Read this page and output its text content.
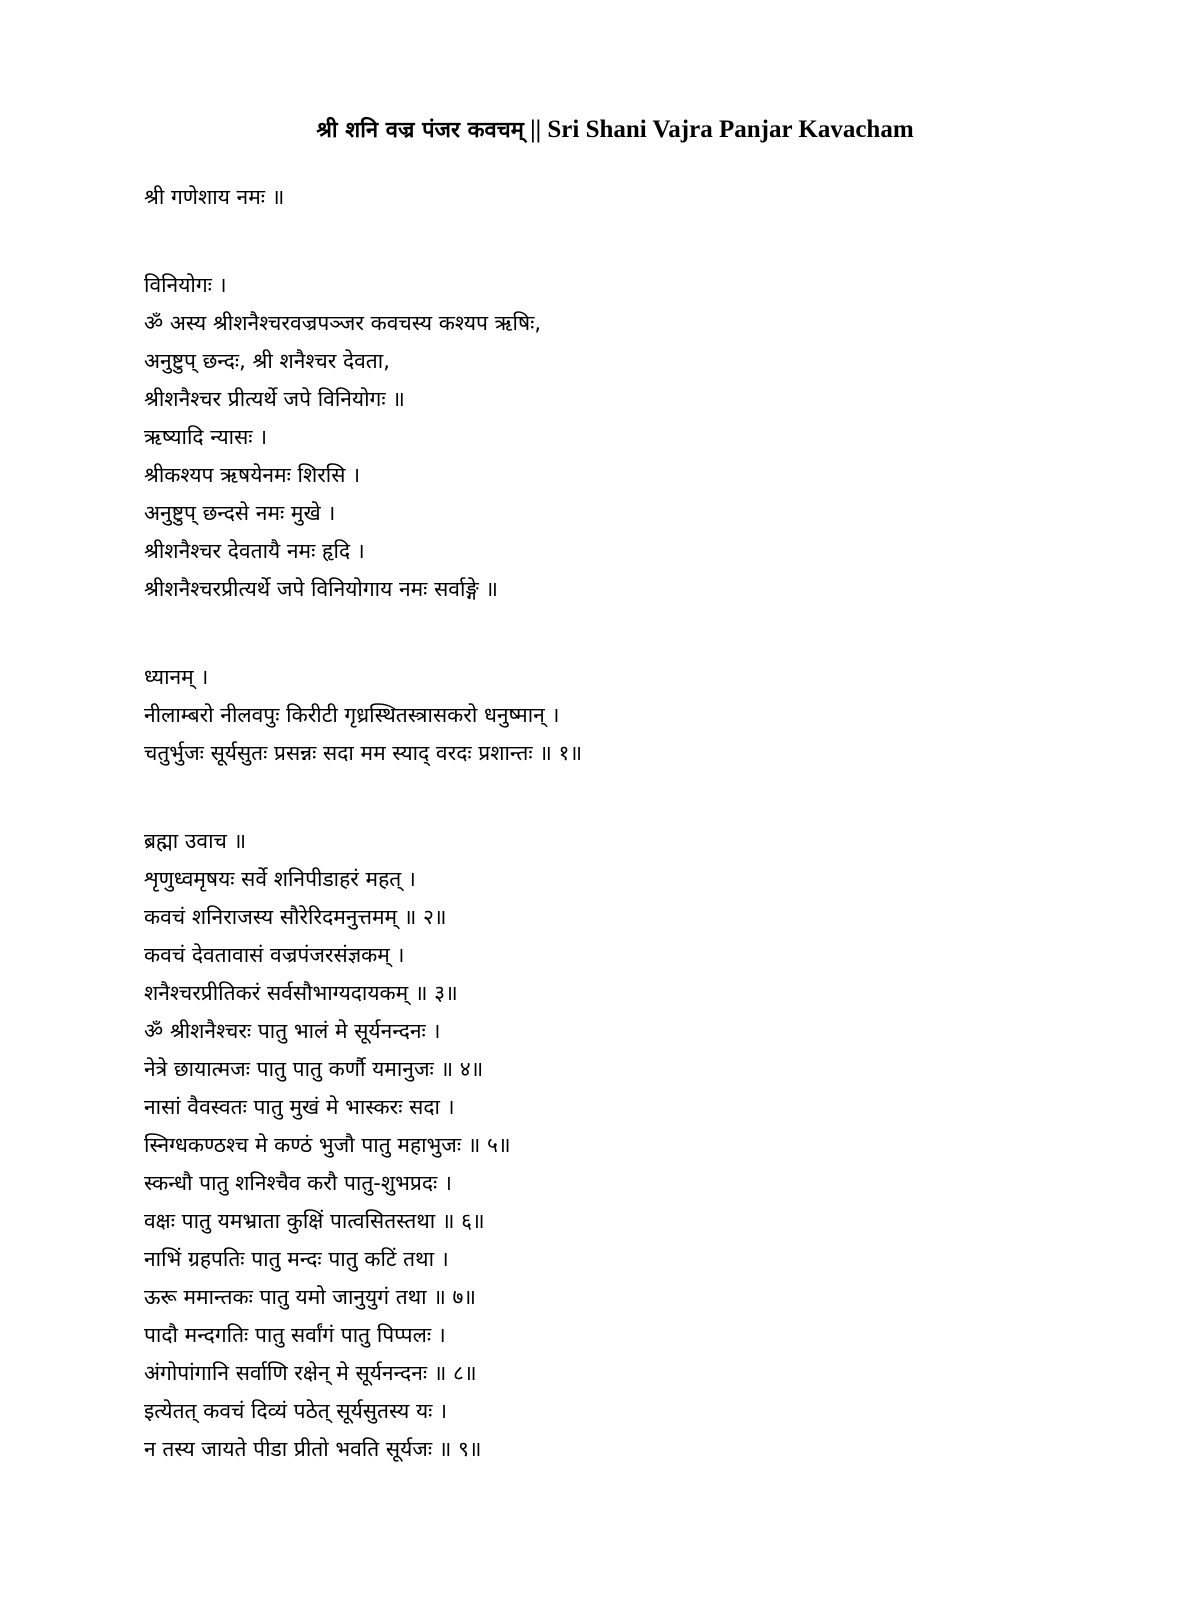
श्री शनि वज्र पंजर कवचम् || Sri Shani Vajra Panjar Kavacham
श्री गणेशाय नमः ॥
विनियोगः ।
ॐ अस्य श्रीशनैश्चरवज्रपञ्जर कवचस्य कश्यप ऋषिः,
अनुष्टुप् छन्दः, श्री शनैश्चर देवता,
श्रीशनैश्चर प्रीत्यर्थे जपे विनियोगः ॥
ऋष्यादि न्यासः ।
श्रीकश्यप ऋषयेनमः शिरसि ।
अनुष्टुप् छन्दसे नमः मुखे ।
श्रीशनैश्चर देवतायै नमः हृदि ।
श्रीशनैश्चरप्रीत्यर्थे जपे विनियोगाय नमः सर्वाङ्गे ॥
ध्यानम् ।
नीलाम्बरो नीलवपुः किरीटी गृध्रस्थितस्त्रासकरो धनुष्मान् ।
चतुर्भुजः सूर्यसुतः प्रसन्नः सदा मम स्याद् वरदः प्रशान्तः ॥ १॥
ब्रह्मा उवाच ॥
शृणुध्वमृषयः सर्वे शनिपीडाहरं महत् ।
कवचं शनिराजस्य सौरेरिदमनुत्तमम् ॥ २॥
कवचं देवतावासं वज्रपंजरसंज्ञकम् ।
शनैश्चरप्रीतिकरं सर्वसौभाग्यदायकम् ॥ ३॥
ॐ श्रीशनैश्चरः पातु भालं मे सूर्यनन्दनः ।
नेत्रे छायात्मजः पातु पातु कर्णौ यमानुजः ॥ ४॥
नासां वैवस्वतः पातु मुखं मे भास्करः सदा ।
स्निग्धकण्ठश्च मे कण्ठं भुजौ पातु महाभुजः ॥ ५॥
स्कन्धौ पातु शनिश्चैव करौ पातु-शुभप्रदः ।
वक्षः पातु यमभ्राता कुक्षिं पात्वसितस्तथा ॥ ६॥
नाभिं ग्रहपतिः पातु मन्दः पातु कटिं तथा ।
ऊरू ममान्तकः पातु यमो जानुयुगं तथा ॥ ७॥
पादौ मन्दगतिः पातु सर्वांगं पातु पिप्पलः ।
अंगोपांगानि सर्वाणि रक्षेन् मे सूर्यनन्दनः ॥ ८॥
इत्येतत् कवचं दिव्यं पठेत् सूर्यसुतस्य यः ।
न तस्य जायते पीडा प्रीतो भवति सूर्यजः ॥ ९॥
